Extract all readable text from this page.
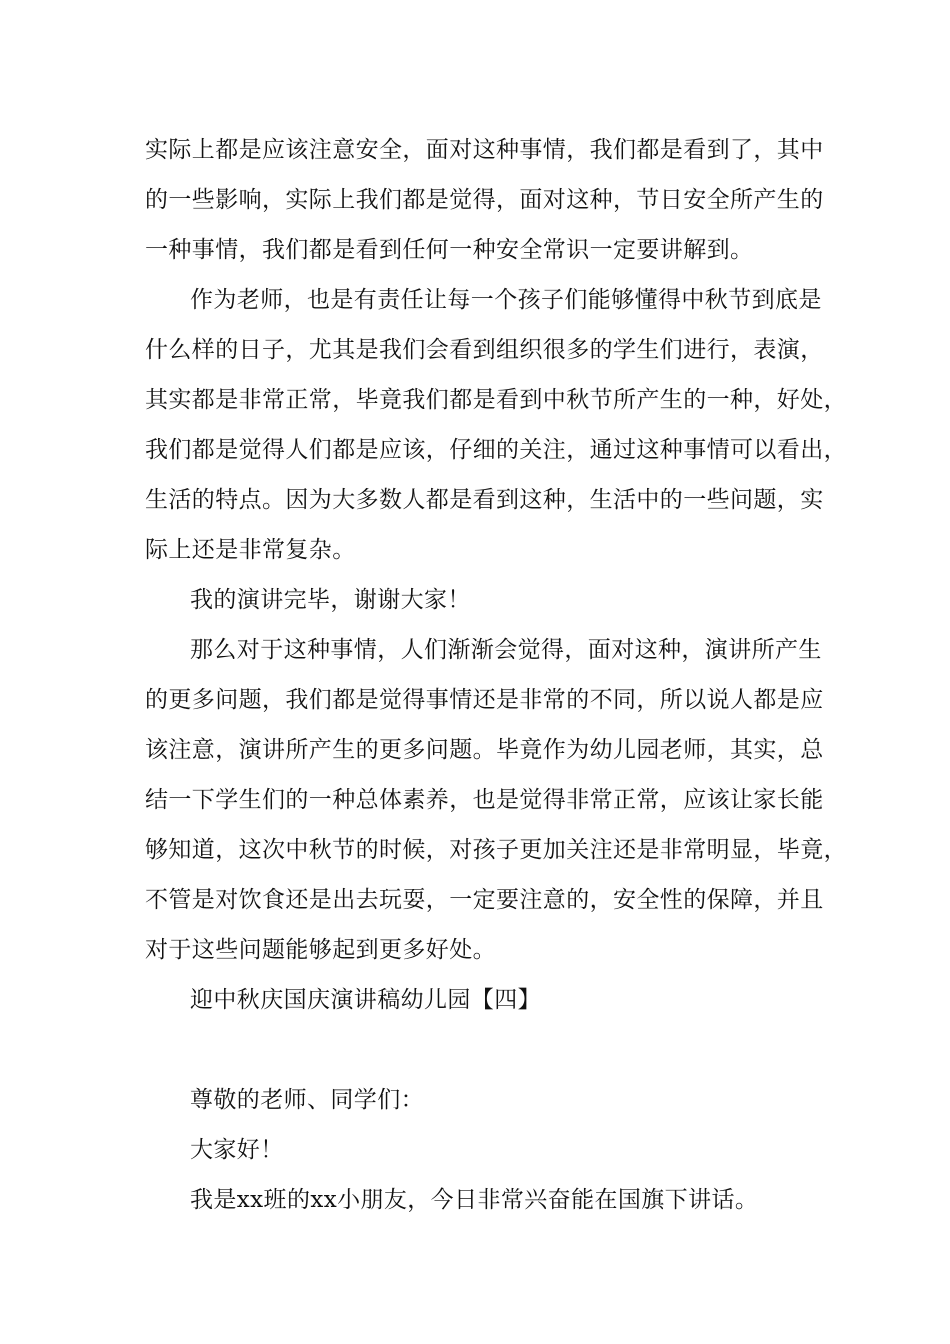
实际上都是应该注意安全，面对这种事情，我们都是看到了，其中
的一些影响，实际上我们都是觉得，面对这种，节日安全所产生的
一种事情，我们都是看到任何一种安全常识一定要讲解到。
作为老师，也是有责任让每一个孩子们能够懂得中秋节到底是
什么样的日子，尤其是我们会看到组织很多的学生们进行，表演，
其实都是非常正常，毕竟我们都是看到中秋节所产生的一种，好处，
我们都是觉得人们都是应该，仔细的关注，通过这种事情可以看出，
生活的特点。因为大多数人都是看到这种，生活中的一些问题，实
际上还是非常复杂。
我的演讲完毕，谢谢大家！
那么对于这种事情，人们渐渐会觉得，面对这种，演讲所产生
的更多问题，我们都是觉得事情还是非常的不同，所以说人都是应
该注意，演讲所产生的更多问题。毕竟作为幼儿园老师，其实，总
结一下学生们的一种总体素养，也是觉得非常正常，应该让家长能
够知道，这次中秋节的时候，对孩子更加关注还是非常明显，毕竟，
不管是对饮食还是出去玩耍，一定要注意的，安全性的保障，并且
对于这些问题能够起到更多好处。
迎中秋庆国庆演讲稿幼儿园【四】
尊敬的老师、同学们：
大家好！
我是xx班的xx小朋友，今日非常兴奋能在国旗下讲话。
